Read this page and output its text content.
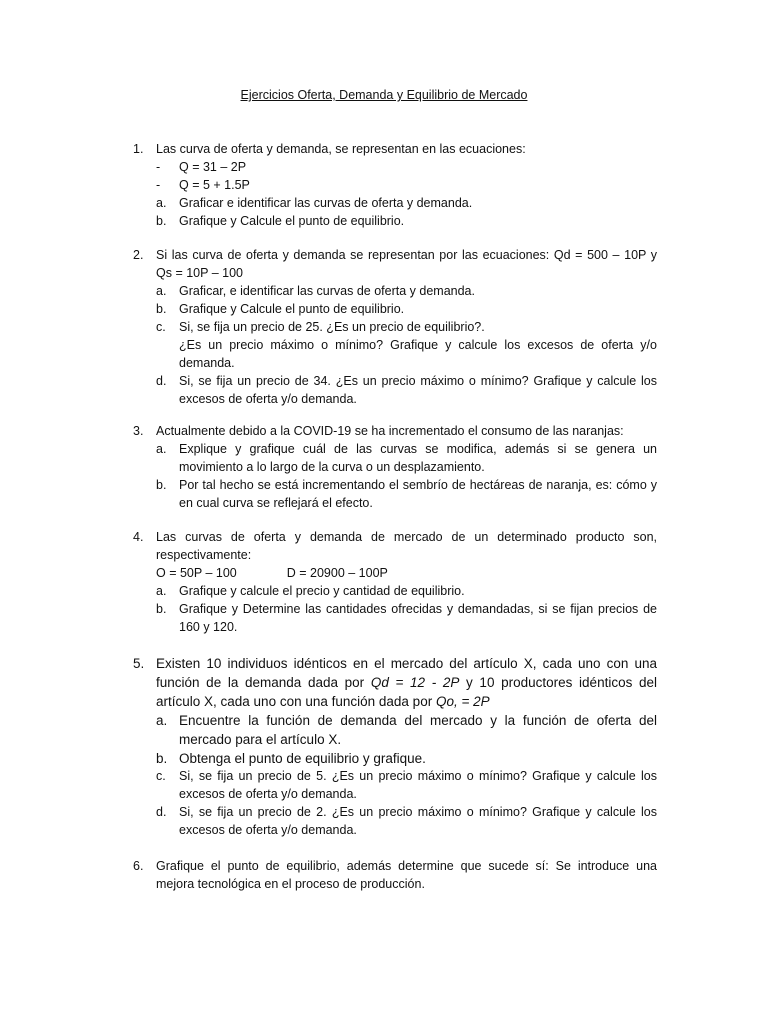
Ejercicios Oferta, Demanda y Equilibrio de Mercado
1. Las curva de oferta y demanda, se representan en las ecuaciones:
- Q = 31 – 2P
- Q = 5 + 1.5P
a. Graficar e identificar las curvas de oferta y demanda.
b. Grafique y Calcule el punto de equilibrio.
2. Si las curva de oferta y demanda se representan por las ecuaciones: Qd = 500 – 10P y Qs = 10P – 100
a. Graficar, e identificar las curvas de oferta y demanda.
b. Grafique y Calcule el punto de equilibrio.
c. Si, se fija un precio de 25. ¿Es un precio de equilibrio?.
¿Es un precio máximo o mínimo? Grafique y calcule los excesos de oferta y/o demanda.
d. Si, se fija un precio de 34. ¿Es un precio máximo o mínimo? Grafique y calcule los excesos de oferta y/o demanda.
3. Actualmente debido a la COVID-19 se ha incrementado el consumo de las naranjas:
a. Explique y grafique cuál de las curvas se modifica, además si se genera un movimiento a lo largo de la curva o un desplazamiento.
b. Por tal hecho se está incrementando el sembrío de hectáreas de naranja, es: cómo y en cual curva se reflejará el efecto.
4. Las curvas de oferta y demanda de mercado de un determinado producto son, respectivamente:
O = 50P – 100	D = 20900 – 100P
a. Grafique y calcule el precio y cantidad de equilibrio.
b. Grafique y Determine las cantidades ofrecidas y demandadas, si se fijan precios de 160 y 120.
5. Existen 10 individuos idénticos en el mercado del artículo X, cada uno con una función de la demanda dada por Qd = 12 - 2P y 10 productores idénticos del artículo X, cada uno con una función dada por Qo, = 2P
a. Encuentre la función de demanda del mercado y la función de oferta del mercado para el artículo X.
b. Obtenga el punto de equilibrio y grafique.
c. Si, se fija un precio de 5. ¿Es un precio máximo o mínimo? Grafique y calcule los excesos de oferta y/o demanda.
d. Si, se fija un precio de 2. ¿Es un precio máximo o mínimo? Grafique y calcule los excesos de oferta y/o demanda.
6. Grafique el punto de equilibrio, además determine que sucede sí: Se introduce una mejora tecnológica en el proceso de producción.
